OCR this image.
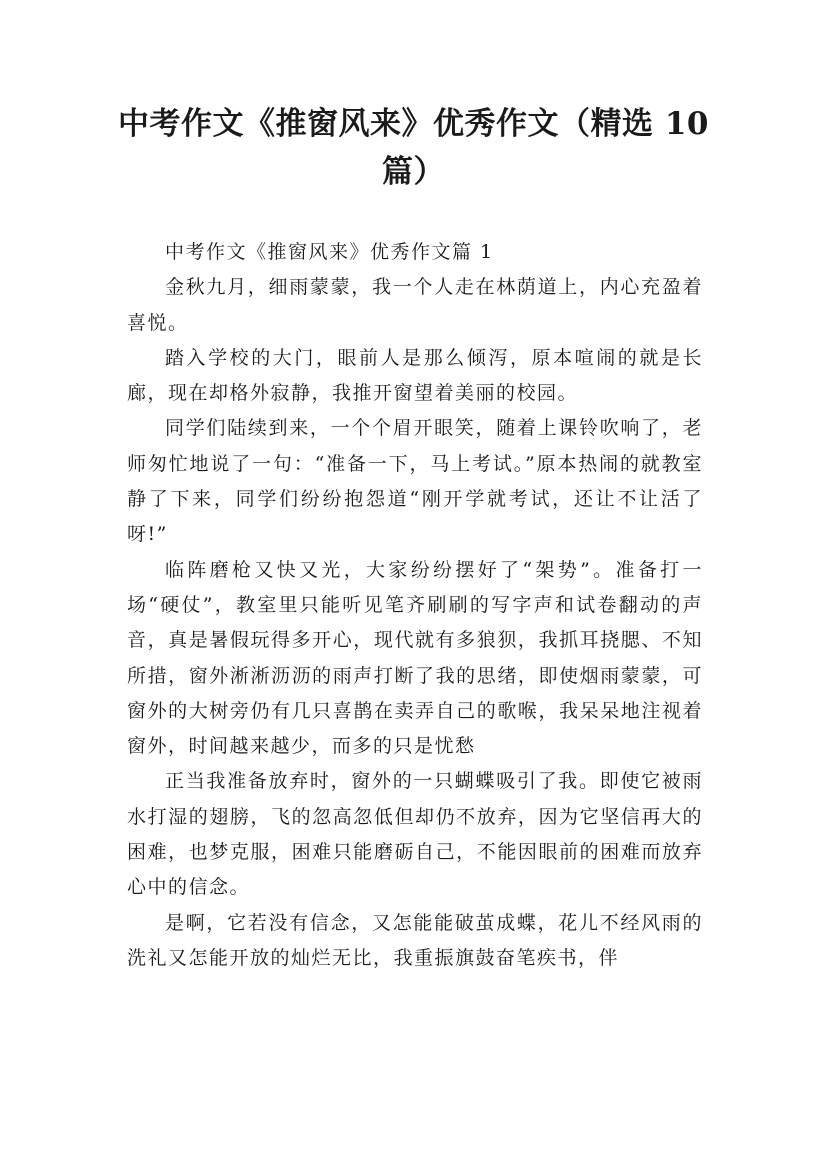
中考作文《推窗风来》优秀作文（精选 10 篇）

中考作文《推窗风来》优秀作文篇 1

金秋九月，细雨蒙蒙，我一个人走在林荫道上，内心充盈着喜悦。

踏入学校的大门，眼前人是那么倾泻，原本喧闹的就是长廊，现在却格外寂静，我推开窗望着美丽的校园。

同学们陆续到来，一个个眉开眼笑，随着上课铃吹响了，老师匆忙地说了一句：“准备一下，马上考试。”原本热闹的就教室静了下来，同学们纷纷抱怨道“刚开学就考试，还让不让活了呀!”

临阵磨枪又快又光，大家纷纷摆好了“架势”。准备打一场“硬仗”，教室里只能听见笔齐刷刷的写字声和试卷翻动的声音，真是暑假玩得多开心，现代就有多狼狈，我抓耳挠腮、不知所措，窗外淅淅沥沥的雨声打断了我的思绪，即使烟雨蒙蒙，可窗外的大树旁仍有几只喜鹊在卖弄自己的歌喉，我呆呆地注视着窗外，时间越来越少，而多的只是忧愁

正当我准备放弃时，窗外的一只蝴蝶吸引了我。即使它被雨水打湿的翅膀，飞的忽高忽低但却仍不放弃，因为它坚信再大的困难，也梦克服，困难只能磨砺自己，不能因眼前的困难而放弃心中的信念。

是啊，它若没有信念，又怎能能破茧成蝶，花儿不经风雨的洗礼又怎能开放的灿烂无比，我重振旗鼓奋笔疾书，伴
